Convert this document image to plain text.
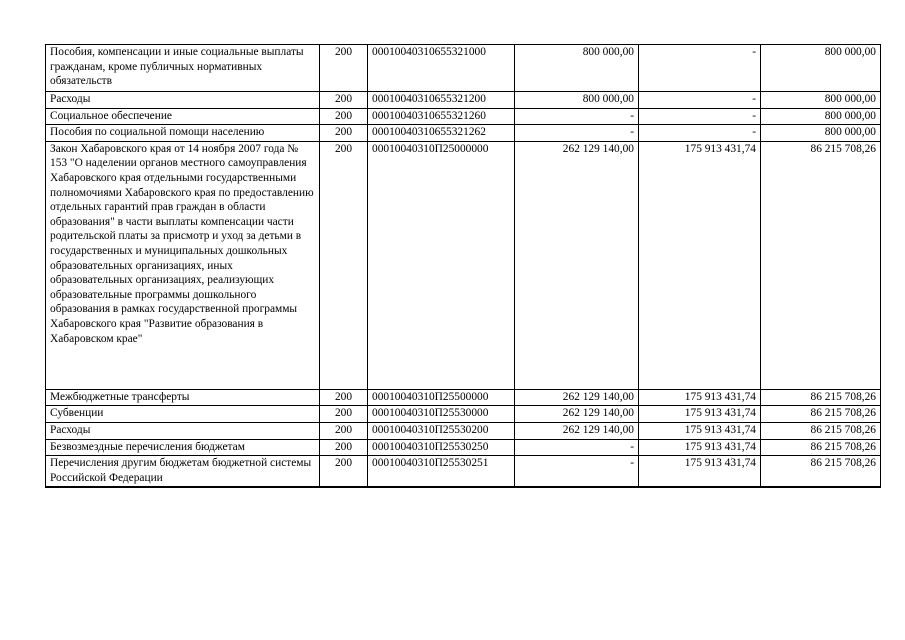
Пособия, компенсации и иные социальные выплаты гражданам, кроме публичных нормативных обязательств	200	00010040310655321000	800 000,00	-	800 000,00
Расходы	200	00010040310655321200	800 000,00	-	800 000,00
Социальное обеспечение	200	00010040310655321260	-	-	800 000,00
Пособия по социальной помощи населению	200	00010040310655321262	-	-	800 000,00
Закон Хабаровского края от 14 ноября 2007 года № 153 "О наделении органов местного самоуправления Хабаровского края отдельными государственными полномочиями Хабаровского края по предоставлению отдельных гарантий прав граждан в области образования" в части выплаты компенсации части родительской платы за присмотр и уход за детьми в государственных и муниципальных дошкольных образовательных организациях, иных образовательных организациях, реализующих образовательные программы дошкольного образования в рамках государственной программы Хабаровского края "Развитие образования в Хабаровском крае"	200	00010040310П25000000	262 129 140,00	175 913 431,74	86 215 708,26
Межбюджетные трансферты	200	00010040310П25500000	262 129 140,00	175 913 431,74	86 215 708,26
Субвенции	200	00010040310П25530000	262 129 140,00	175 913 431,74	86 215 708,26
Расходы	200	00010040310П25530200	262 129 140,00	175 913 431,74	86 215 708,26
Безвозмездные перечисления бюджетам	200	00010040310П25530250	-	175 913 431,74	86 215 708,26
Перечисления другим бюджетам бюджетной системы Российской Федерации	200	00010040310П25530251	-	175 913 431,74	86 215 708,26
